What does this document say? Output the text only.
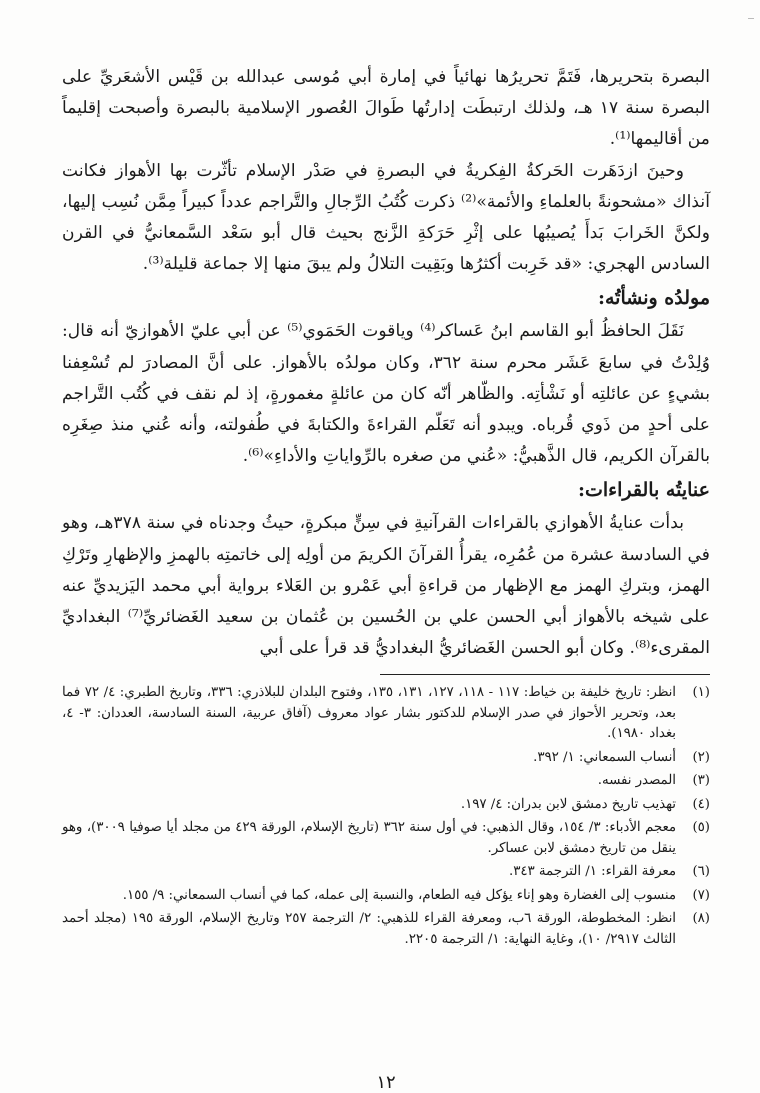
البصرة بتحريرها، فَتَمَّ تحريرُها نهائياً في إمارة أبي مُوسى عبدالله بن قَيْس الأشعَريِّ على البصرة سنة ١٧ هـ، ولذلك ارتبطَت إدارتُها طَوالَ العُصور الإسلامية بالبصرة وأصبحت إقليماً من أقاليمها⁽¹⁾.

وحينَ ازدَهَرت الحَركةُ الفِكريةُ في البصرةِ في صَدْر الإسلام تأثّرت بها الأهواز فكانت آنذاك «مشحونةً بالعلماءِ والأئمة»⁽²⁾ ذكرت كُتُبُ الرِّجالِ والتَّراجم عدداً كبيراً مِمَّن نُسِب إليها، ولكنَّ الخَرابَ بَدأَ يُصيبُها على إثْرِ حَرَكةِ الزَّنج بحيث قال أبو سَعْد السَّمعانيُّ في القرن السادس الهجري: «قد خَرِبت أكثرُها وبَقِيت التلالُ ولم يبقَ منها إلا جماعة قليلة⁽³⁾.

مولدُه ونشأتُه:

نَقَلَ الحافظُ أبو القاسم ابنُ عَساكر⁽⁴⁾ وياقوت الحَمَوي⁽⁵⁾ عن أبي عليّ الأهوازيّ أنه قال: وُلِدْتُ في سابعَ عَشَر محرم سنة ٣٦٢، وكان مولدُه بالأهواز. على أنَّ المصادرَ لم تُسْعِفنا بشيءٍ عن عائلتِه أو نَشْأتِه. والظّاهر أنّه كان من عائلةٍ مغمورةٍ، إذ لم نقف في كُتُب التَّراجم على أحدٍ من ذَوي قُرباه. ويبدو أنه تَعَلّم القراءةَ والكتابةَ في طُفولته، وأنه عُني منذ صِغَرِه بالقرآن الكريم، قال الذَّهبيُّ: «عُني من صغره بالرِّواياتِ والأداءِ»⁽⁶⁾.

عنايتُه بالقراءات:

بدأت عنايةُ الأهوازي بالقراءات القرآنيةِ في سِنٍّ مبكرةٍ، حيثُ وجدناه في سنة ٣٧٨هـ، وهو في السادسة عشرة من عُمُرِه، يقرأُ القرآنَ الكريمَ من أولِه إلى خاتمتِه بالهمزِ والإظهارِ وتَرْكِ الهمز، وبتركِ الهمز مع الإظهار من قراءةِ أبي عَمْرو بن العَلاء برواية أبي محمد اليَزيديِّ عنه على شيخه بالأهواز أبي الحسن علي بن الحُسين بن عُثمان بن سعيد الغَضائريِّ⁽⁷⁾ البغداديِّ المقرىء⁽⁸⁾. وكان أبو الحسن الغَضائريُّ البغداديُّ قد قرأ على أبي

(١)
انظر: تاريخ خليفة بن خياط: ١١٧ - ١١٨، ١٢٧، ١٣١، ١٣٥، وفتوح البلدان للبلاذري: ٣٣٦، وتاريخ الطبري: ٤/ ٧٢ فما بعد، وتحرير الأحواز في صدر الإسلام للدكتور بشار عواد معروف (آفاق عربية، السنة السادسة، العددان: ٣- ٤، بغداد ١٩٨٠).
(٢)
أنساب السمعاني: ١/ ٣٩٢.
(٣)
المصدر نفسه.
(٤)
تهذيب تاريخ دمشق لابن بدران: ٤/ ١٩٧.
(٥)
معجم الأدباء: ٣/ ١٥٤، وقال الذهبي: في أول سنة ٣٦٢ (تاريخ الإسلام، الورقة ٤٢٩ من مجلد أيا صوفيا ٣٠٠٩)، وهو ينقل من تاريخ دمشق لابن عساكر.
(٦)
معرفة القراء: ١/ الترجمة ٣٤٣.
(٧)
منسوب إلى الغضارة وهو إناء يؤكل فيه الطعام، والنسبة إلى عمله، كما في أنساب السمعاني: ٩/ ١٥٥.
(٨)
انظر: المخطوطة، الورقة ٦ب، ومعرفة القراء للذهبي: ٢/ الترجمة ٢٥٧ وتاريخ الإسلام، الورقة ١٩٥ (مجلد أحمد الثالث ٢٩١٧/ ١٠)، وغاية النهاية: ١/ الترجمة ٢٢٠٥.
١٢
